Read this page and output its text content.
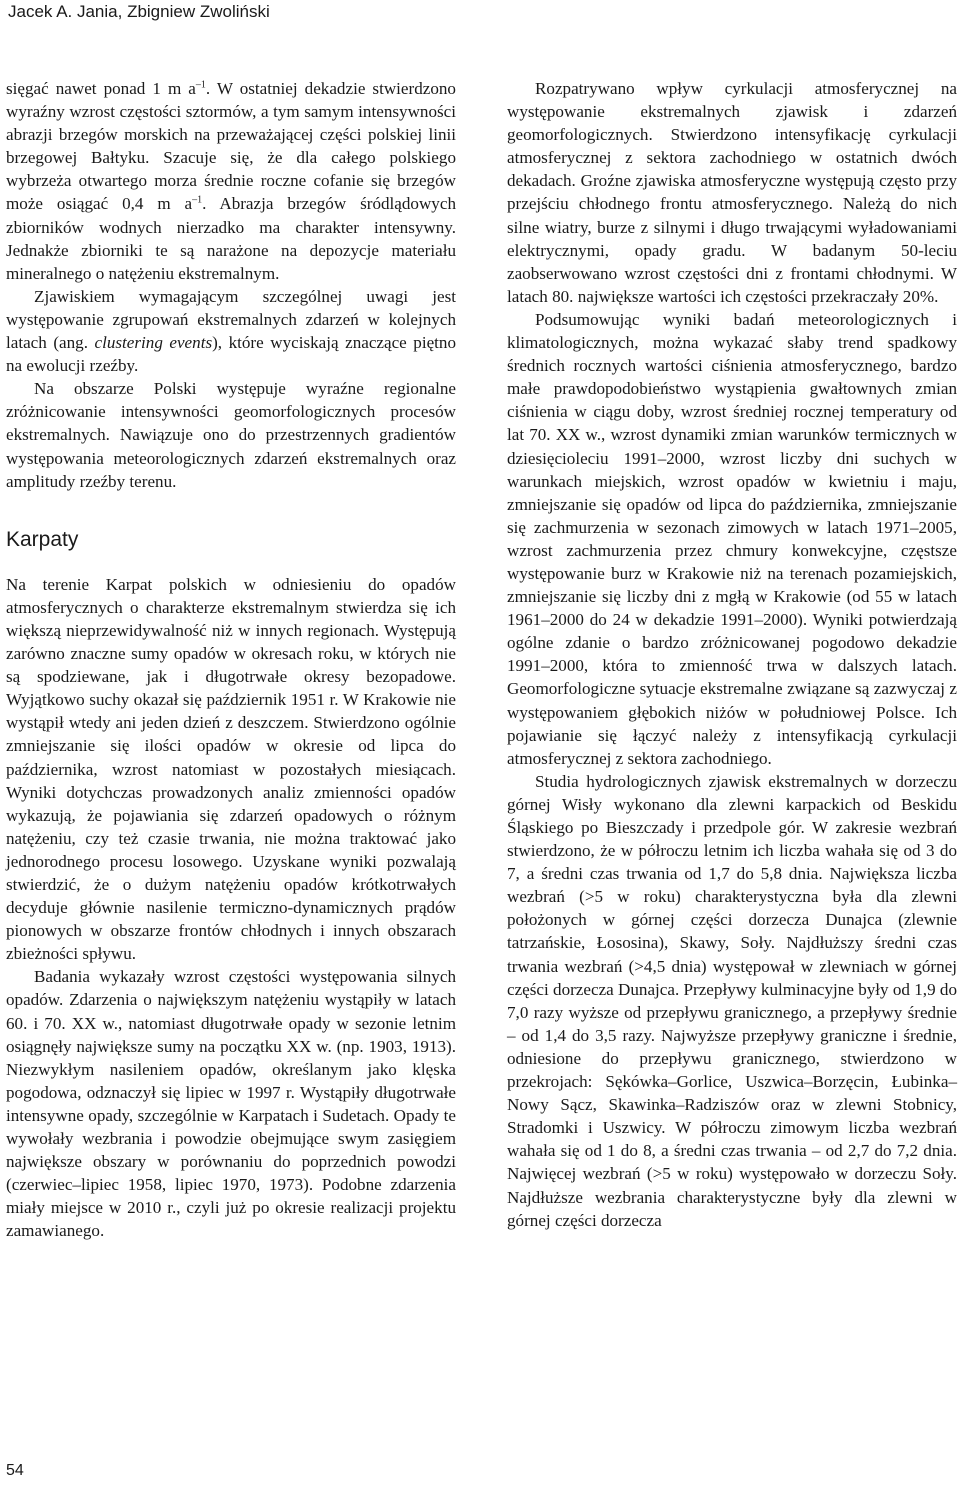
Jacek A. Jania, Zbigniew Zwoliński

sięgać nawet ponad 1 m $a^{-1}$. W ostatniej dekadzie stwierdzono wyraźny wzrost częstości sztormów, a tym samym intensywności abrazji brzegów morskich na przeważającej części polskiej linii brzegowej Bałtyku. Szacuje się, że dla całego polskiego wybrzeża otwartego morza średnie roczne cofanie się brzegów może osiągać 0,4 m $a^{-1}$. Abrazja brzegów śródlądowych zbiorników wodnych nierzadko ma charakter intensywny. Jednakże zbiorniki te są narażone na depozycje materiału mineralnego o natężeniu ekstremalnym.

Zjawiskiem wymagającym szczególnej uwagi jest występowanie zgrupowań ekstremalnych zdarzeń w kolejnych latach (ang. clustering events), które wyciskają znaczące piętno na ewolucji rzeźby.

Na obszarze Polski występuje wyraźne regionalne zróżnicowanie intensywności geomorfologicznych procesów ekstremalnych. Nawiązuje ono do przestrzennych gradientów występowania meteorologicznych zdarzeń ekstremalnych oraz amplitudy rzeźby terenu.

Karpaty

Na terenie Karpat polskich w odniesieniu do opadów atmosferycznych o charakterze ekstremalnym stwierdza się ich większą nieprzewidywalność niż w innych regionach. Występują zarówno znaczne sumy opadów w okresach roku, w których nie są spodziewane, jak i długotrwałe okresy bezopadowe. Wyjątkowo suchy okazał się październik 1951 r. W Krakowie nie wystąpił wtedy ani jeden dzień z deszczem. Stwierdzono ogólnie zmniejszanie się ilości opadów w okresie od lipca do października, wzrost natomiast w pozostałych miesiącach. Wyniki dotychczas prowadzonych analiz zmienności opadów wykazują, że pojawiania się zdarzeń opadowych o różnym natężeniu, czy też czasie trwania, nie można traktować jako jednorodnego procesu losowego. Uzyskane wyniki pozwalają stwierdzić, że o dużym natężeniu opadów krótkotrwałych decyduje głównie nasilenie termiczno-dynamicznych prądów pionowych w obszarze frontów chłodnych i innych obszarach zbieżności spływu.

Badania wykazały wzrost częstości występowania silnych opadów. Zdarzenia o największym natężeniu wystąpiły w latach 60. i 70. XX w., natomiast długotrwałe opady w sezonie letnim osiągnęły największe sumy na początku XX w. (np. 1903, 1913). Niezwykłym nasileniem opadów, określanym jako klęska pogodowa, odznaczył się lipiec w 1997 r. Wystąpiły długotrwałe intensywne opady, szczególnie w Karpatach i Sudetach. Opady te wywołały wezbrania i powodzie obejmujące swym zasięgiem największe obszary w porównaniu do poprzednich powodzi (czerwiec–lipiec 1958, lipiec 1970, 1973). Podobne zdarzenia miały miejsce w 2010 r., czyli już po okresie realizacji projektu zamawianego.

Rozpatrywano wpływ cyrkulacji atmosferycznej na występowanie ekstremalnych zjawisk i zdarzeń geomorfologicznych. Stwierdzono intensyfikację cyrkulacji atmosferycznej z sektora zachodniego w ostatnich dwóch dekadach. Groźne zjawiska atmosferyczne występują często przy przejściu chłodnego frontu atmosferycznego. Należą do nich silne wiatry, burze z silnymi i długo trwającymi wyładowaniami elektrycznymi, opady gradu. W badanym 50-leciu zaobserwowano wzrost częstości dni z frontami chłodnymi. W latach 80. największe wartości ich częstości przekraczały 20%.

Podsumowując wyniki badań meteorologicznych i klimatologicznych, można wykazać słaby trend spadkowy średnich rocznych wartości ciśnienia atmosferycznego, bardzo małe prawdopodobieństwo wystąpienia gwałtownych zmian ciśnienia w ciągu doby, wzrost średniej rocznej temperatury od lat 70. XX w., wzrost dynamiki zmian warunków termicznych w dziesięcioleciu 1991–2000, wzrost liczby dni suchych w warunkach miejskich, wzrost opadów w kwietniu i maju, zmniejszanie się opadów od lipca do października, zmniejszanie się zachmurzenia w sezonach zimowych w latach 1971–2005, wzrost zachmurzenia przez chmury konwekcyjne, częstsze występowanie burz w Krakowie niż na terenach pozamiejskich, zmniejszanie się liczby dni z mgłą w Krakowie (od 55 w latach 1961–2000 do 24 w dekadzie 1991–2000). Wyniki potwierdzają ogólne zdanie o bardzo zróżnicowanej pogodowo dekadzie 1991–2000, która to zmienność trwa w dalszych latach. Geomorfologiczne sytuacje ekstremalne związane są zazwyczaj z występowaniem głębokich niżów w południowej Polsce. Ich pojawianie się łączyć należy z intensyfikacją cyrkulacji atmosferycznej z sektora zachodniego.

Studia hydrologicznych zjawisk ekstremalnych w dorzeczu górnej Wisły wykonano dla zlewni karpackich od Beskidu Śląskiego po Bieszczady i przedpole gór. W zakresie wezbrań stwierdzono, że w półroczu letnim ich liczba wahała się od 3 do 7, a średni czas trwania od 1,7 do 5,8 dnia. Największa liczba wezbrań (>5 w roku) charakterystyczna była dla zlewni położonych w górnej części dorzecza Dunajca (zlewnie tatrzańskie, Łososina), Skawy, Soły. Najdłuższy średni czas trwania wezbrań (>4,5 dnia) występował w zlewniach w górnej części dorzecza Dunajca. Przepływy kulminacyjne były od 1,9 do 7,0 razy wyższe od przepływu granicznego, a przepływy średnie – od 1,4 do 3,5 razy. Najwyższe przepływy graniczne i średnie, odniesione do przepływu granicznego, stwierdzono w przekrojach: Sękówka–Gorlice, Uszwica–Borzęcin, Łubinka–Nowy Sącz, Skawinka–Radziszów oraz w zlewni Stobnicy, Stradomki i Uszwicy. W półroczu zimowym liczba wezbrań wahała się od 1 do 8, a średni czas trwania – od 2,7 do 7,2 dnia. Najwięcej wezbrań (>5 w roku) występowało w dorzeczu Soły. Najdłuższe wezbrania charakterystyczne były dla zlewni w górnej części dorzecza

54
